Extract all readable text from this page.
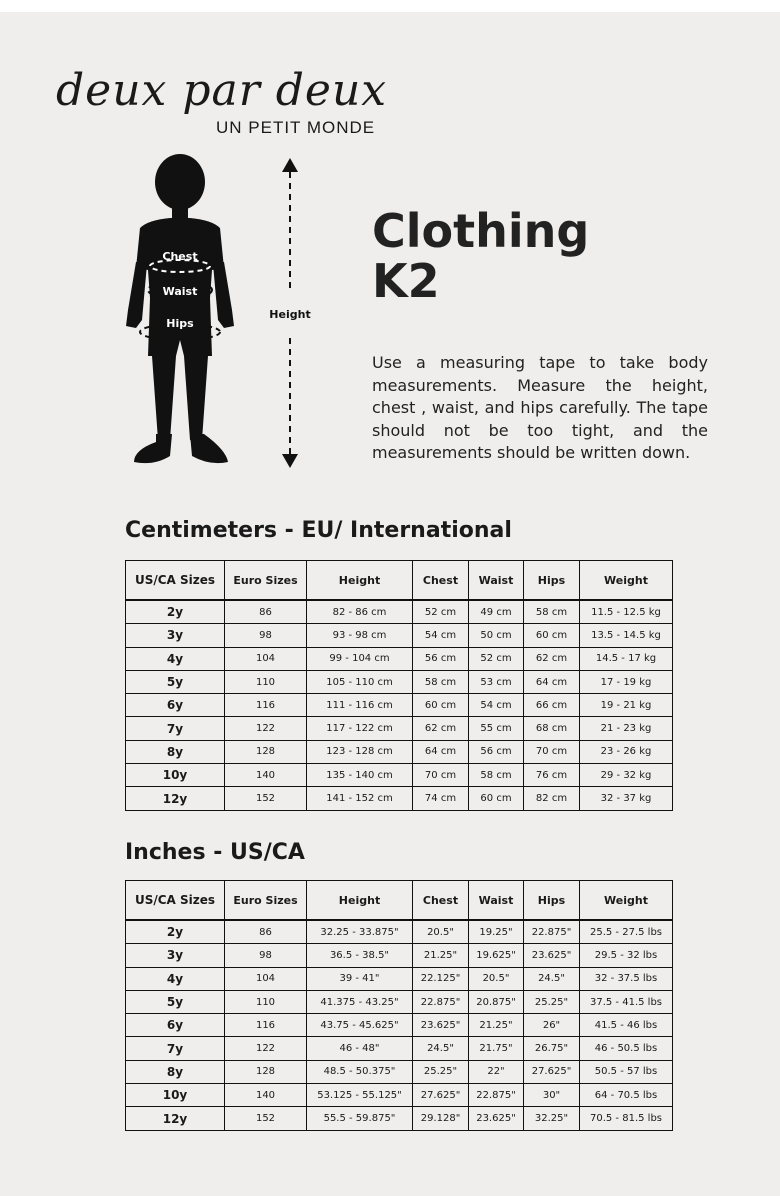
deux par deux
UN PETIT MONDE
Chest
Waist
Hips
Height
Clothing
K2
Use a measuring tape to take body measurements. Measure the height, chest , waist, and hips carefully. The tape should not be too tight, and the measurements should be written down.
Centimeters - EU/ International
US/CA Sizes	Euro Sizes	Height	Chest	Waist	Hips	Weight

2y	86	82 - 86 cm	52 cm	49 cm	58 cm	11.5 - 12.5 kg
3y	98	93 - 98 cm	54 cm	50 cm	60 cm	13.5 - 14.5 kg
4y	104	99 - 104 cm	56 cm	52 cm	62 cm	14.5 - 17 kg
5y	110	105 - 110 cm	58 cm	53 cm	64 cm	17 - 19 kg
6y	116	111 - 116 cm	60 cm	54 cm	66 cm	19 - 21 kg
7y	122	117 - 122 cm	62 cm	55 cm	68 cm	21 - 23 kg
8y	128	123 - 128 cm	64 cm	56 cm	70 cm	23 - 26 kg
10y	140	135 - 140 cm	70 cm	58 cm	76 cm	29 - 32 kg
12y	152	141 - 152 cm	74 cm	60 cm	82 cm	32 - 37 kg
Inches - US/CA
US/CA Sizes	Euro Sizes	Height	Chest	Waist	Hips	Weight

2y	86	32.25 - 33.875"	20.5"	19.25"	22.875"	25.5 - 27.5 lbs
3y	98	36.5 - 38.5"	21.25"	19.625"	23.625"	29.5 - 32 lbs
4y	104	39 - 41"	22.125"	20.5"	24.5"	32 - 37.5 lbs
5y	110	41.375 - 43.25"	22.875"	20.875"	25.25"	37.5 - 41.5 lbs
6y	116	43.75 - 45.625"	23.625"	21.25"	26"	41.5 - 46 lbs
7y	122	46 - 48"	24.5"	21.75"	26.75"	46 - 50.5 lbs
8y	128	48.5 - 50.375"	25.25"	22"	27.625"	50.5 - 57 lbs
10y	140	53.125 - 55.125"	27.625"	22.875"	30"	64 - 70.5 lbs
12y	152	55.5 - 59.875"	29.128"	23.625"	32.25"	70.5 - 81.5 lbs
